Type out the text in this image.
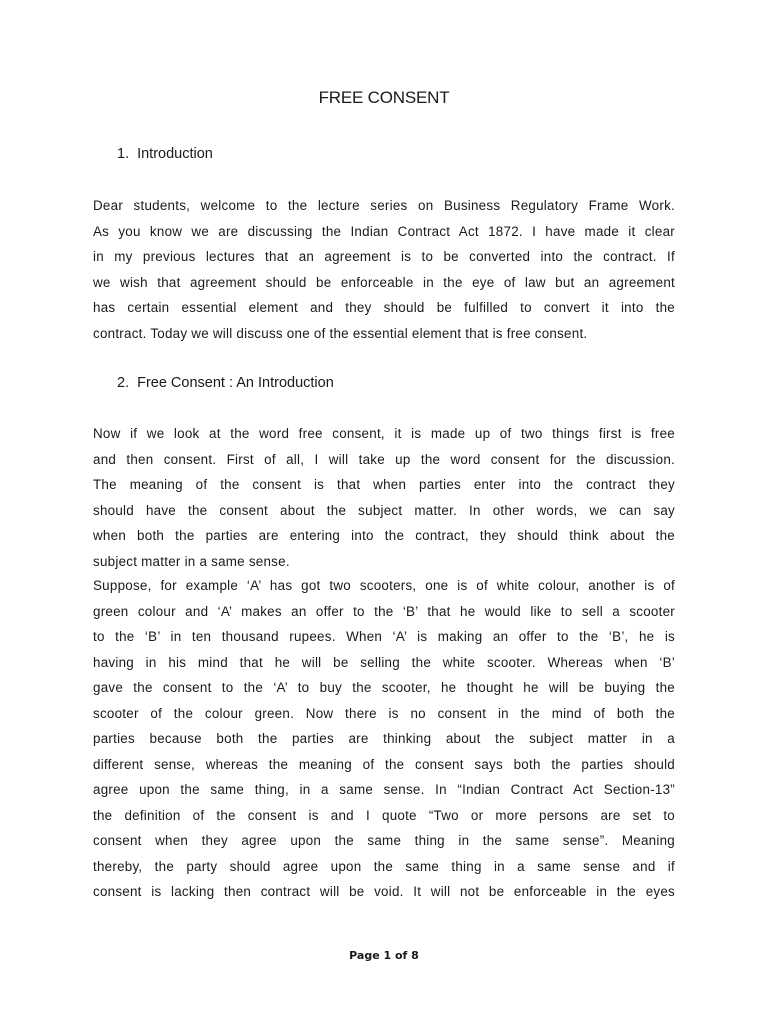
FREE CONSENT
1. Introduction
Dear students, welcome to the lecture series on Business Regulatory Frame Work.
As you know we are discussing the Indian Contract Act 1872. I have made it clear
in my previous lectures that an agreement is to be converted into the contract. If
we wish that agreement should be enforceable in the eye of law but an agreement
has certain essential element and they should be fulfilled to convert it into the
contract. Today we will discuss one of the essential element that is free consent.
2. Free Consent : An Introduction
Now if we look at the word free consent, it is made up of two things first is free
and then consent. First of all, I will take up the word consent for the discussion.
The meaning of the consent is that when parties enter into the contract they
should have the consent about the subject matter. In other words, we can say
when both the parties are entering into the contract, they should think about the
subject matter in a same sense.
Suppose, for example ‘A’ has got two scooters, one is of white colour, another is of
green colour and ‘A’ makes an offer to the ‘B’ that he would like to sell a scooter
to the ‘B’ in ten thousand rupees. When ‘A’ is making an offer to the ‘B’, he is
having in his mind that he will be selling the white scooter. Whereas when ‘B’
gave the consent to the ‘A’ to buy the scooter, he thought he will be buying the
scooter of the colour green. Now there is no consent in the mind of both the
parties because both the parties are thinking about the subject matter in a
different sense, whereas the meaning of the consent says both the parties should
agree upon the same thing, in a same sense. In “Indian Contract Act Section-13”
the definition of the consent is and I quote “Two or more persons are set to
consent when they agree upon the same thing in the same sense”. Meaning
thereby, the party should agree upon the same thing in a same sense and if
consent is lacking then contract will be void. It will not be enforceable in the eyes
Page 1 of 8
